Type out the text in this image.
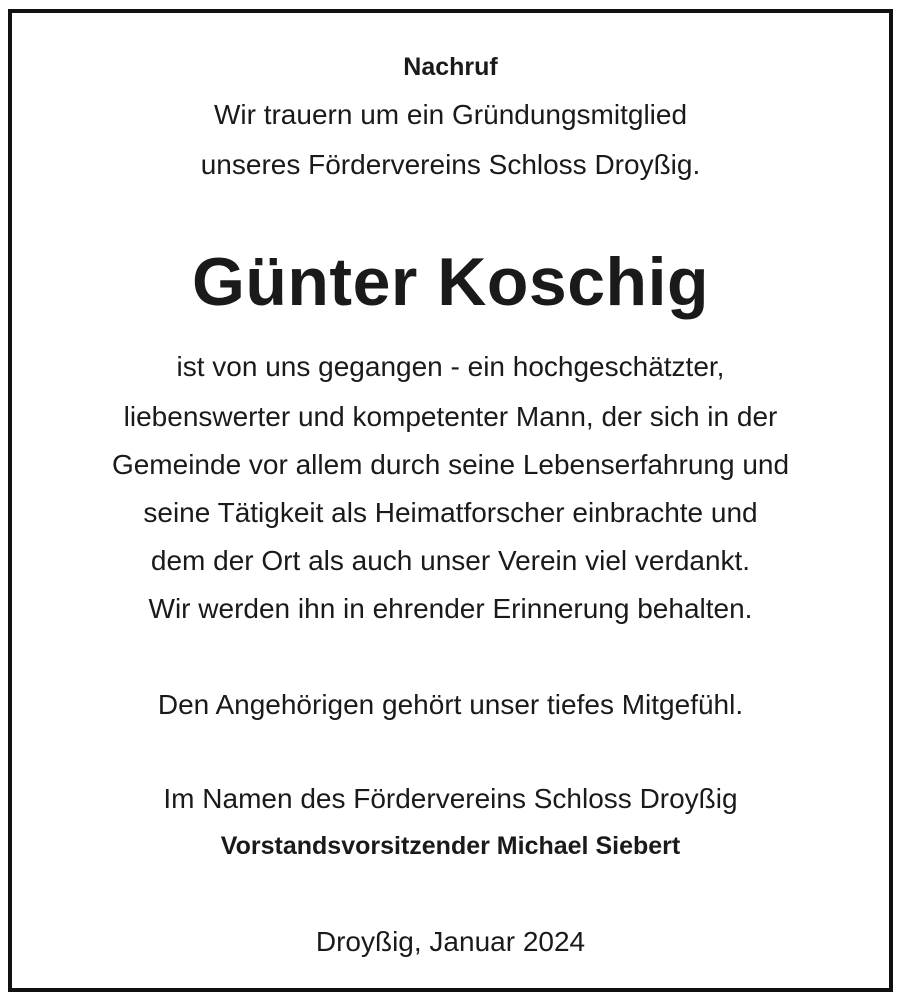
Nachruf
Wir trauern um ein Gründungsmitglied
unseres Fördervereins Schloss Droyßig.
Günter Koschig
ist von uns gegangen - ein hochgeschätzter,
liebenswerter und kompetenter Mann, der sich in der
Gemeinde vor allem durch seine Lebenserfahrung und
seine Tätigkeit als Heimatforscher einbrachte und
dem der Ort als auch unser Verein viel verdankt.
Wir werden ihn in ehrender Erinnerung behalten.
Den Angehörigen gehört unser tiefes Mitgefühl.
Im Namen des Fördervereins Schloss Droyßig
Vorstandsvorsitzender Michael Siebert
Droyßig, Januar 2024
